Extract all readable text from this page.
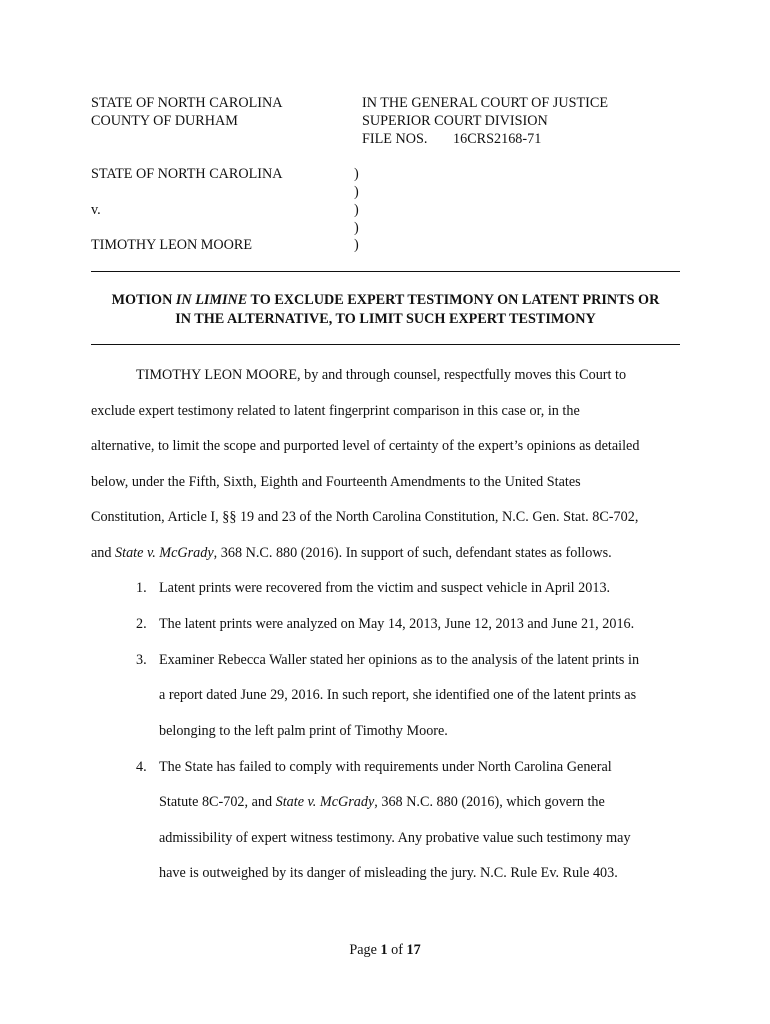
STATE OF NORTH CAROLINA
COUNTY OF DURHAM
IN THE GENERAL COURT OF JUSTICE
SUPERIOR COURT DIVISION
FILE NOS. 16CRS2168-71
STATE OF NORTH CAROLINA
v.
TIMOTHY LEON MOORE
)
)
)
)
)
MOTION IN LIMINE TO EXCLUDE EXPERT TESTIMONY ON LATENT PRINTS OR
IN THE ALTERNATIVE, TO LIMIT SUCH EXPERT TESTIMONY
TIMOTHY LEON MOORE, by and through counsel, respectfully moves this Court to
exclude expert testimony related to latent fingerprint comparison in this case or, in the
alternative, to limit the scope and purported level of certainty of the expert’s opinions as detailed
below, under the Fifth, Sixth, Eighth and Fourteenth Amendments to the United States
Constitution, Article I, §§ 19 and 23 of the North Carolina Constitution, N.C. Gen. Stat. 8C-702,
and State v. McGrady, 368 N.C. 880 (2016). In support of such, defendant states as follows.
1. Latent prints were recovered from the victim and suspect vehicle in April 2013.
2. The latent prints were analyzed on May 14, 2013, June 12, 2013 and June 21, 2016.
3. Examiner Rebecca Waller stated her opinions as to the analysis of the latent prints in
a report dated June 29, 2016. In such report, she identified one of the latent prints as
belonging to the left palm print of Timothy Moore.
4. The State has failed to comply with requirements under North Carolina General
Statute 8C-702, and State v. McGrady, 368 N.C. 880 (2016), which govern the
admissibility of expert witness testimony. Any probative value such testimony may
have is outweighed by its danger of misleading the jury. N.C. Rule Ev. Rule 403.
Page 1 of 17
